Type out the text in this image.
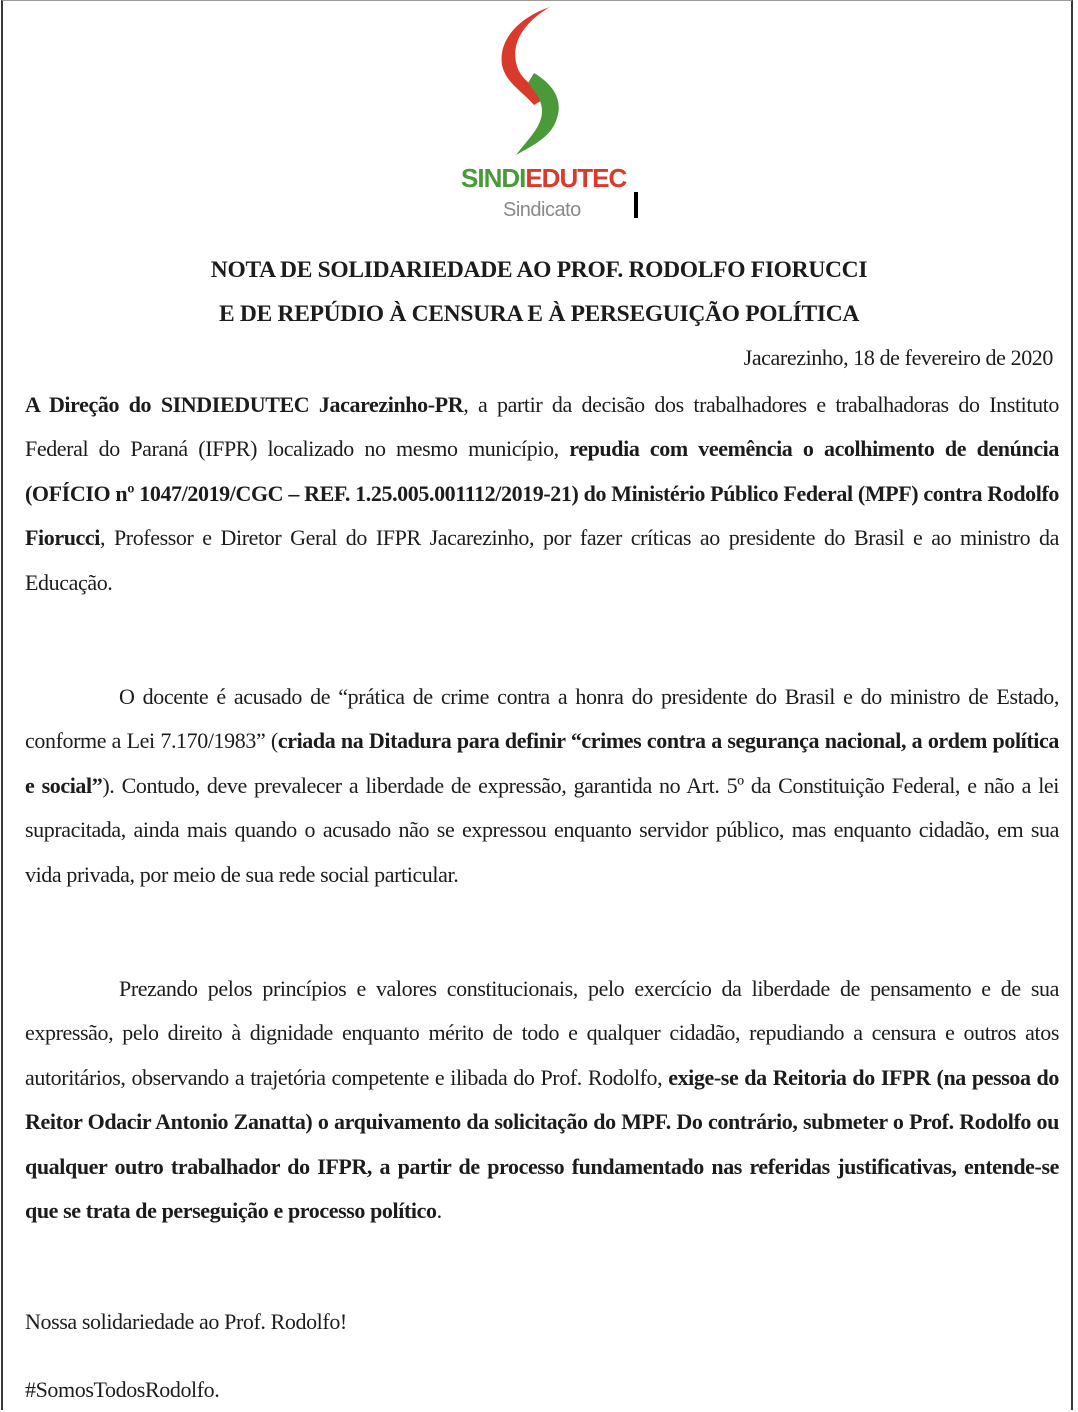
SINDIEDUTEC
Sindicato
NOTA DE SOLIDARIEDADE AO PROF. RODOLFO FIORUCCI
E DE REPÚDIO À CENSURA E À PERSEGUIÇÃO POLÍTICA
Jacarezinho, 18 de fevereiro de 2020
A Direção do SINDIEDUTEC Jacarezinho-PR, a partir da decisão dos trabalhadores e trabalhadoras do Instituto Federal do Paraná (IFPR) localizado no mesmo município, repudia com veemência o acolhimento de denúncia (OFÍCIO nº 1047/2019/CGC – REF. 1.25.005.001112/2019-21) do Ministério Público Federal (MPF) contra Rodolfo Fiorucci, Professor e Diretor Geral do IFPR Jacarezinho, por fazer críticas ao presidente do Brasil e ao ministro da Educação.
O docente é acusado de “prática de crime contra a honra do presidente do Brasil e do ministro de Estado, conforme a Lei 7.170/1983” (criada na Ditadura para definir “crimes contra a segurança nacional, a ordem política e social”). Contudo, deve prevalecer a liberdade de expressão, garantida no Art. 5º da Constituição Federal, e não a lei supracitada, ainda mais quando o acusado não se expressou enquanto servidor público, mas enquanto cidadão, em sua vida privada, por meio de sua rede social particular.
Prezando pelos princípios e valores constitucionais, pelo exercício da liberdade de pensamento e de sua expressão, pelo direito à dignidade enquanto mérito de todo e qualquer cidadão, repudiando a censura e outros atos autoritários, observando a trajetória competente e ilibada do Prof. Rodolfo, exige-se da Reitoria do IFPR (na pessoa do Reitor Odacir Antonio Zanatta) o arquivamento da solicitação do MPF. Do contrário, submeter o Prof. Rodolfo ou qualquer outro trabalhador do IFPR, a partir de processo fundamentado nas referidas justificativas, entende-se que se trata de perseguição e processo político.
Nossa solidariedade ao Prof. Rodolfo!
#SomosTodosRodolfo.
